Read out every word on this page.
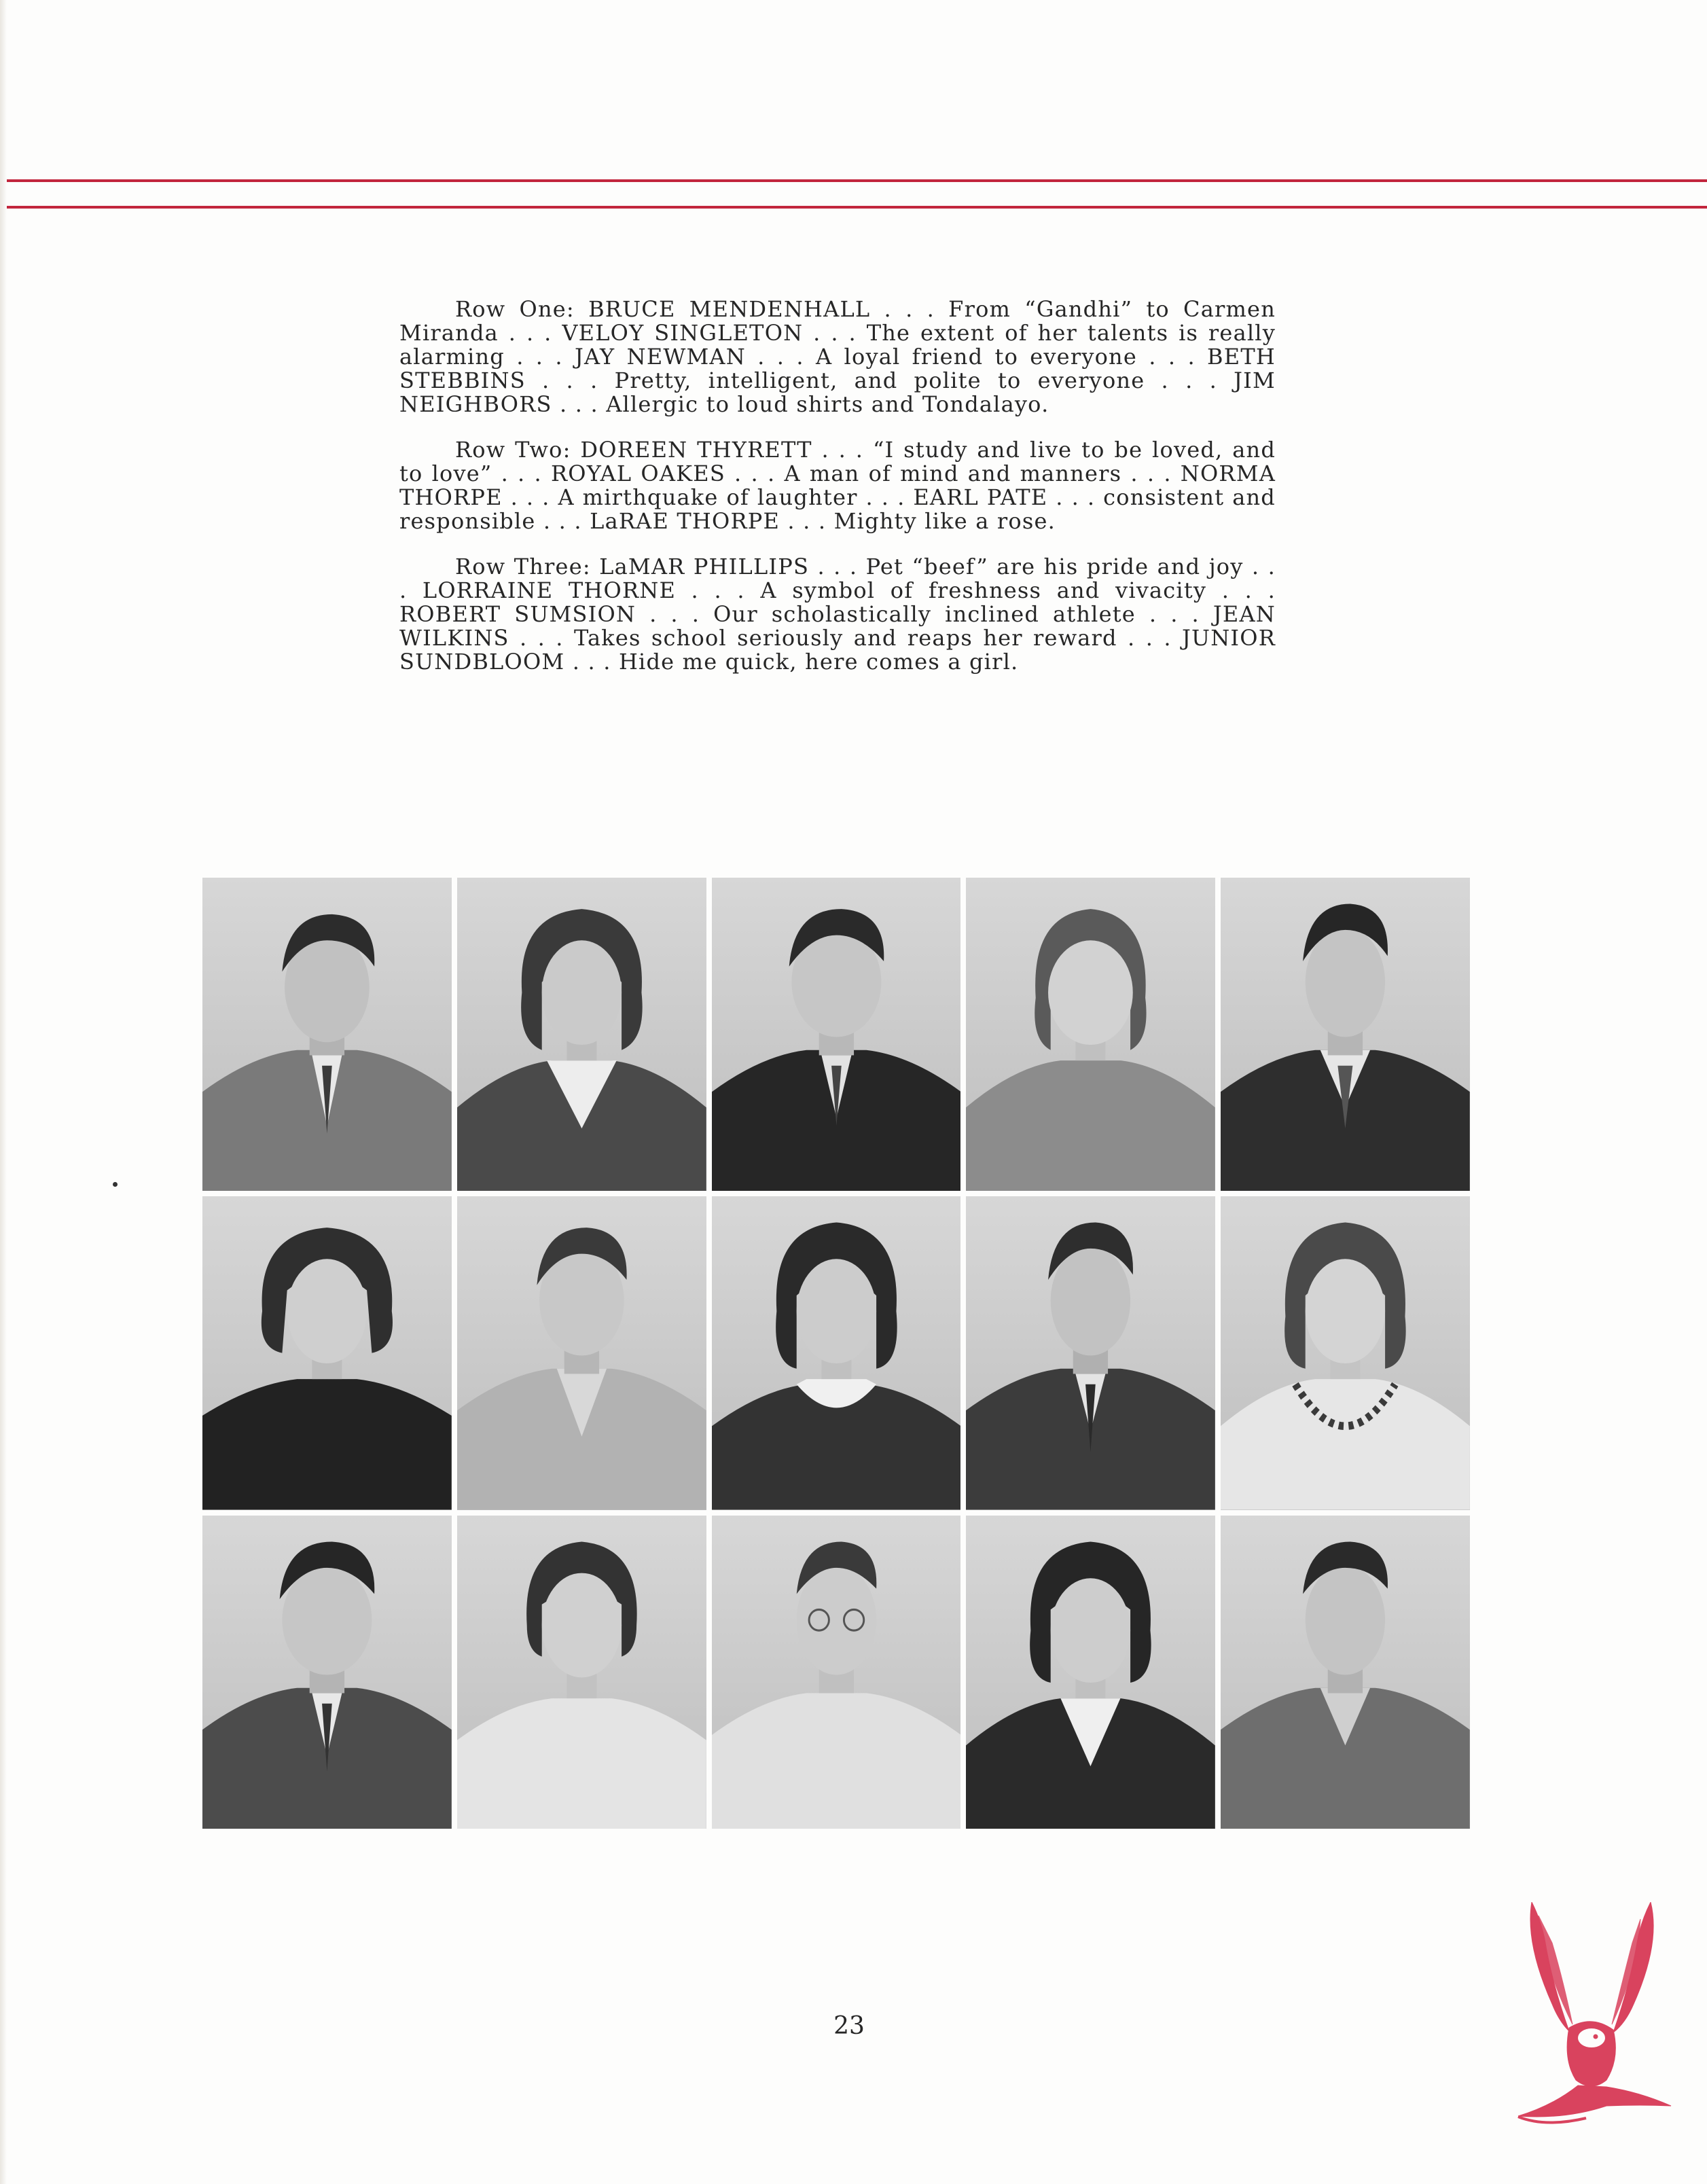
Row One: BRUCE MENDENHALL . . . From “Gandhi” to Carmen Miranda . . . VELOY SINGLETON . . . The extent of her talents is really alarming . . . JAY NEWMAN . . . A loyal friend to everyone . . . BETH STEBBINS . . . Pretty, intelligent, and polite to everyone . . . JIM NEIGHBORS . . . Allergic to loud shirts and Tondalayo.

Row Two: DOREEN THYRETT . . . “I study and live to be loved, and to love” . . . ROYAL OAKES . . . A man of mind and manners . . . NORMA THORPE . . . A mirthquake of laughter . . . EARL PATE . . . consistent and responsible . . . LaRAE THORPE . . . Mighty like a rose.

Row Three: LaMAR PHILLIPS . . . Pet “beef” are his pride and joy . . . LORRAINE THORNE . . . A symbol of freshness and vivacity . . . ROBERT SUMSION . . . Our scholastically inclined athlete . . . JEAN WILKINS . . . Takes school seriously and reaps her reward . . . JUNIOR SUNDBLOOM . . . Hide me quick, here comes a girl.

23
